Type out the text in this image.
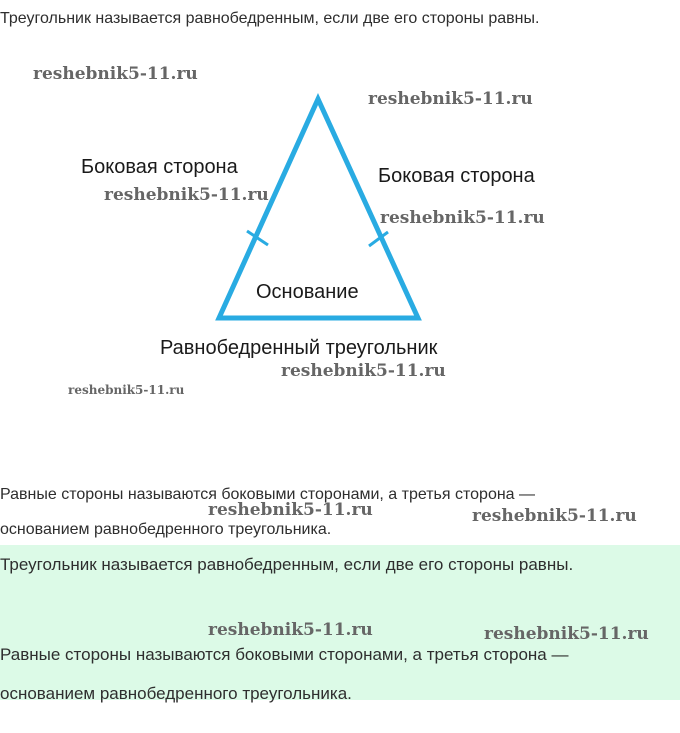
Треугольник называется равнобедренным, если две его стороны равны.
Боковая сторона	Боковая сторона
Основание
Равнобедренный треугольник
reshebnik5-11.ru
reshebnik5-11.ru
reshebnik5-11.ru
reshebnik5-11.ru
reshebnik5-11.ru
reshebnik5-11.ru
Равные стороны называются боковыми сторонами, а третья сторона —
основанием равнобедренного треугольника.
reshebnik5-11.ru	reshebnik5-11.ru
Треугольник называется равнобедренным, если две его стороны равны.
Равные стороны называются боковыми сторонами, а третья сторона —
основанием равнобедренного треугольника.
reshebnik5-11.ru	reshebnik5-11.ru
